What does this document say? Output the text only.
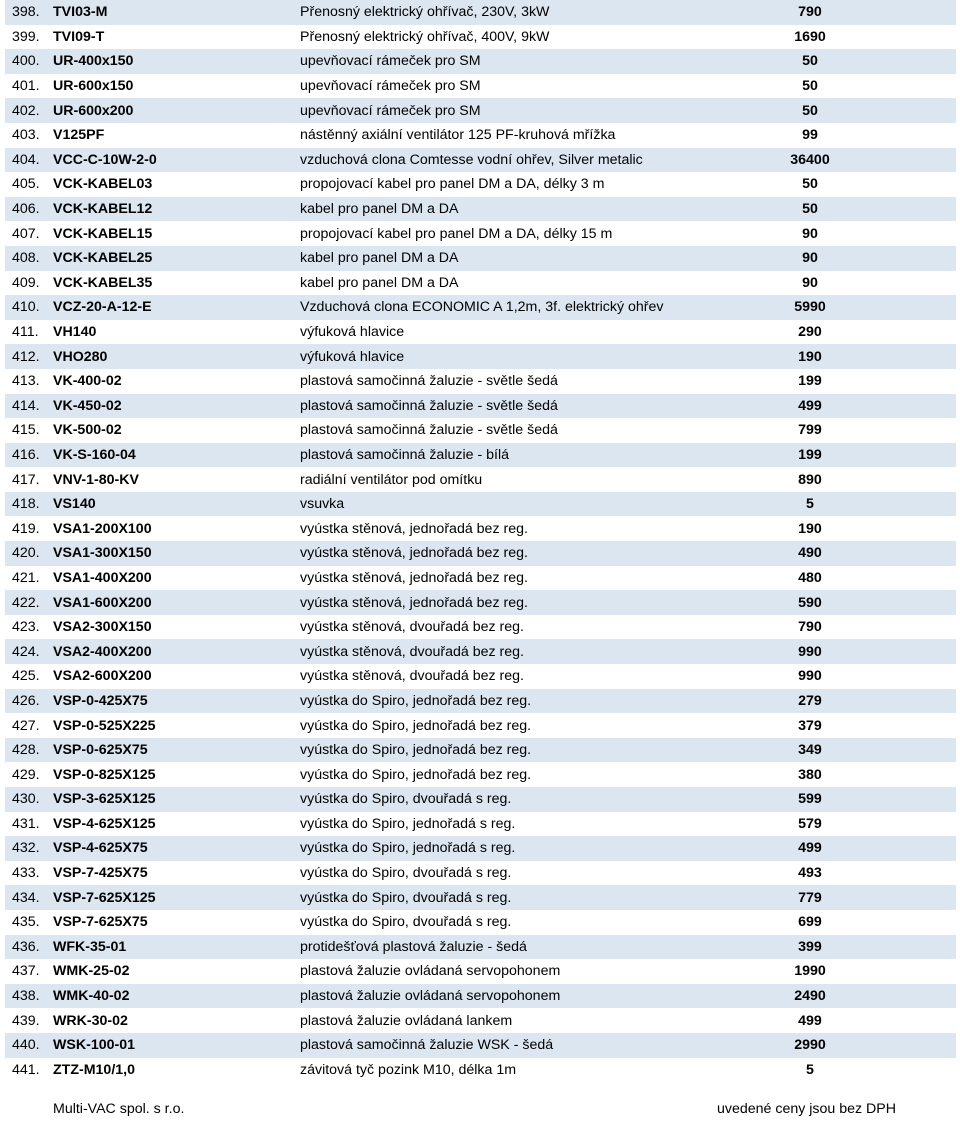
398. TVI03-M	Přenosný elektrický ohřívač, 230V, 3kW	790
399. TVI09-T	Přenosný elektrický ohřívač, 400V, 9kW	1690
400. UR-400x150	upevňovací rámeček pro SM	50
401. UR-600x150	upevňovací rámeček pro SM	50
402. UR-600x200	upevňovací rámeček pro SM	50
403. V125PF	nástěnný axiální ventilátor 125 PF-kruhová mřížka	99
404. VCC-C-10W-2-0	vzduchová clona Comtesse vodní ohřev, Silver metalic	36400
405. VCK-KABEL03	propojovací kabel pro panel DM a DA, délky 3 m	50
406. VCK-KABEL12	kabel pro panel DM a DA	50
407. VCK-KABEL15	propojovací kabel pro panel DM a DA, délky 15 m	90
408. VCK-KABEL25	kabel pro panel DM a DA	90
409. VCK-KABEL35	kabel pro panel DM a DA	90
410. VCZ-20-A-12-E	Vzduchová clona ECONOMIC A 1,2m, 3f. elektrický ohřev	5990
411.	VH140	výfuková hlavice	290
412. VHO280	výfuková hlavice	190
413. VK-400-02	plastová samočinná žaluzie - světle šedá	199
414. VK-450-02	plastová samočinná žaluzie - světle šedá	499
415. VK-500-02	plastová samočinná žaluzie - světle šedá	799
416. VK-S-160-04	plastová samočinná žaluzie - bílá	199
417. VNV-1-80-KV	radiální ventilátor pod omítku	890
418. VS140	vsuvka	5
419. VSA1-200X100	vyústka stěnová, jednořadá bez reg.	190
420. VSA1-300X150	vyústka stěnová, jednořadá bez reg.	490
421. VSA1-400X200	vyústka stěnová, jednořadá bez reg.	480
422. VSA1-600X200	vyústka stěnová, jednořadá bez reg.	590
423. VSA2-300X150	vyústka stěnová, dvouřadá bez reg.	790
424. VSA2-400X200	vyústka stěnová, dvouřadá bez reg.	990
425. VSA2-600X200	vyústka stěnová, dvouřadá bez reg.	990
426. VSP-0-425X75	vyústka do Spiro, jednořadá bez reg.	279
427. VSP-0-525X225	vyústka do Spiro, jednořadá bez reg.	379
428. VSP-0-625X75	vyústka do Spiro, jednořadá bez reg.	349
429. VSP-0-825X125	vyústka do Spiro, jednořadá bez reg.	380
430. VSP-3-625X125	vyústka do Spiro, dvouřadá s reg.	599
431. VSP-4-625X125	vyústka do Spiro, jednořadá s reg.	579
432. VSP-4-625X75	vyústka do Spiro, jednořadá s reg.	499
433. VSP-7-425X75	vyústka do Spiro, dvouřadá s reg.	493
434. VSP-7-625X125	vyústka do Spiro, dvouřadá s reg.	779
435. VSP-7-625X75	vyústka do Spiro, dvouřadá s reg.	699
436. WFK-35-01	protidešťová plastová žaluzie - šedá	399
437. WMK-25-02	plastová žaluzie ovládaná servopohonem	1990
438. WMK-40-02	plastová žaluzie ovládaná servopohonem	2490
439. WRK-30-02	plastová žaluzie ovládaná lankem	499
440. WSK-100-01	plastová samočinná žaluzie WSK - šedá	2990
441. ZTZ-M10/1,0	závitová tyč pozink M10, délka 1m	5
Multi-VAC spol. s r.o.	uvedené ceny jsou bez DPH
